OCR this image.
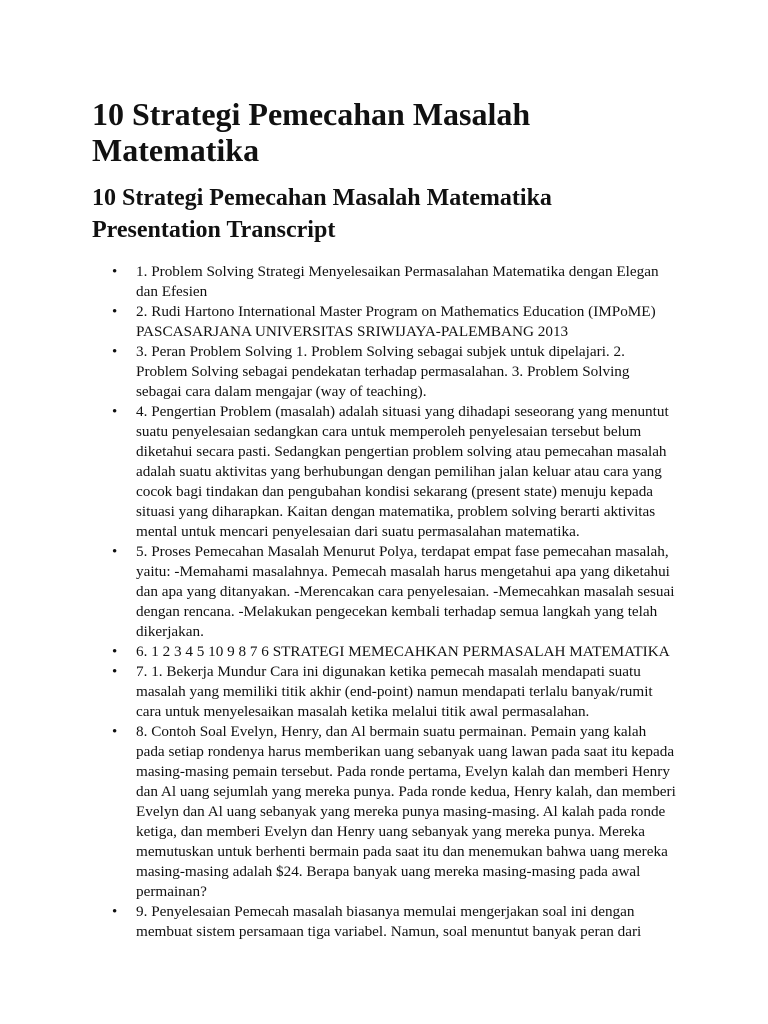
10 Strategi Pemecahan Masalah Matematika
10 Strategi Pemecahan Masalah Matematika Presentation Transcript
• 1. Problem Solving Strategi Menyelesaikan Permasalahan Matematika dengan Elegan dan Efesien
• 2. Rudi Hartono International Master Program on Mathematics Education (IMPoME) PASCASARJANA UNIVERSITAS SRIWIJAYA-PALEMBANG 2013
• 3. Peran Problem Solving 1. Problem Solving sebagai subjek untuk dipelajari. 2. Problem Solving sebagai pendekatan terhadap permasalahan. 3. Problem Solving sebagai cara dalam mengajar (way of teaching).
• 4. Pengertian Problem (masalah) adalah situasi yang dihadapi seseorang yang menuntut suatu penyelesaian sedangkan cara untuk memperoleh penyelesaian tersebut belum diketahui secara pasti. Sedangkan pengertian problem solving atau pemecahan masalah adalah suatu aktivitas yang berhubungan dengan pemilihan jalan keluar atau cara yang cocok bagi tindakan dan pengubahan kondisi sekarang (present state) menuju kepada situasi yang diharapkan. Kaitan dengan matematika, problem solving berarti aktivitas mental untuk mencari penyelesaian dari suatu permasalahan matematika.
• 5. Proses Pemecahan Masalah Menurut Polya, terdapat empat fase pemecahan masalah, yaitu: -Memahami masalahnya. Pemecah masalah harus mengetahui apa yang diketahui dan apa yang ditanyakan. -Merencakan cara penyelesaian. -Memecahkan masalah sesuai dengan rencana. -Melakukan pengecekan kembali terhadap semua langkah yang telah dikerjakan.
• 6. 1 2 3 4 5 10 9 8 7 6 STRATEGI MEMECAHKAN PERMASALAH MATEMATIKA
• 7. 1. Bekerja Mundur Cara ini digunakan ketika pemecah masalah mendapati suatu masalah yang memiliki titik akhir (end-point) namun mendapati terlalu banyak/rumit cara untuk menyelesaikan masalah ketika melalui titik awal permasalahan.
• 8. Contoh Soal Evelyn, Henry, dan Al bermain suatu permainan. Pemain yang kalah pada setiap rondenya harus memberikan uang sebanyak uang lawan pada saat itu kepada masing-masing pemain tersebut. Pada ronde pertama, Evelyn kalah dan memberi Henry dan Al uang sejumlah yang mereka punya. Pada ronde kedua, Henry kalah, dan memberi Evelyn dan Al uang sebanyak yang mereka punya masing-masing. Al kalah pada ronde ketiga, dan memberi Evelyn dan Henry uang sebanyak yang mereka punya. Mereka memutuskan untuk berhenti bermain pada saat itu dan menemukan bahwa uang mereka masing-masing adalah $24. Berapa banyak uang mereka masing-masing pada awal permainan?
• 9. Penyelesaian Pemecah masalah biasanya memulai mengerjakan soal ini dengan membuat sistem persamaan tiga variabel. Namun, soal menuntut banyak peran dari
